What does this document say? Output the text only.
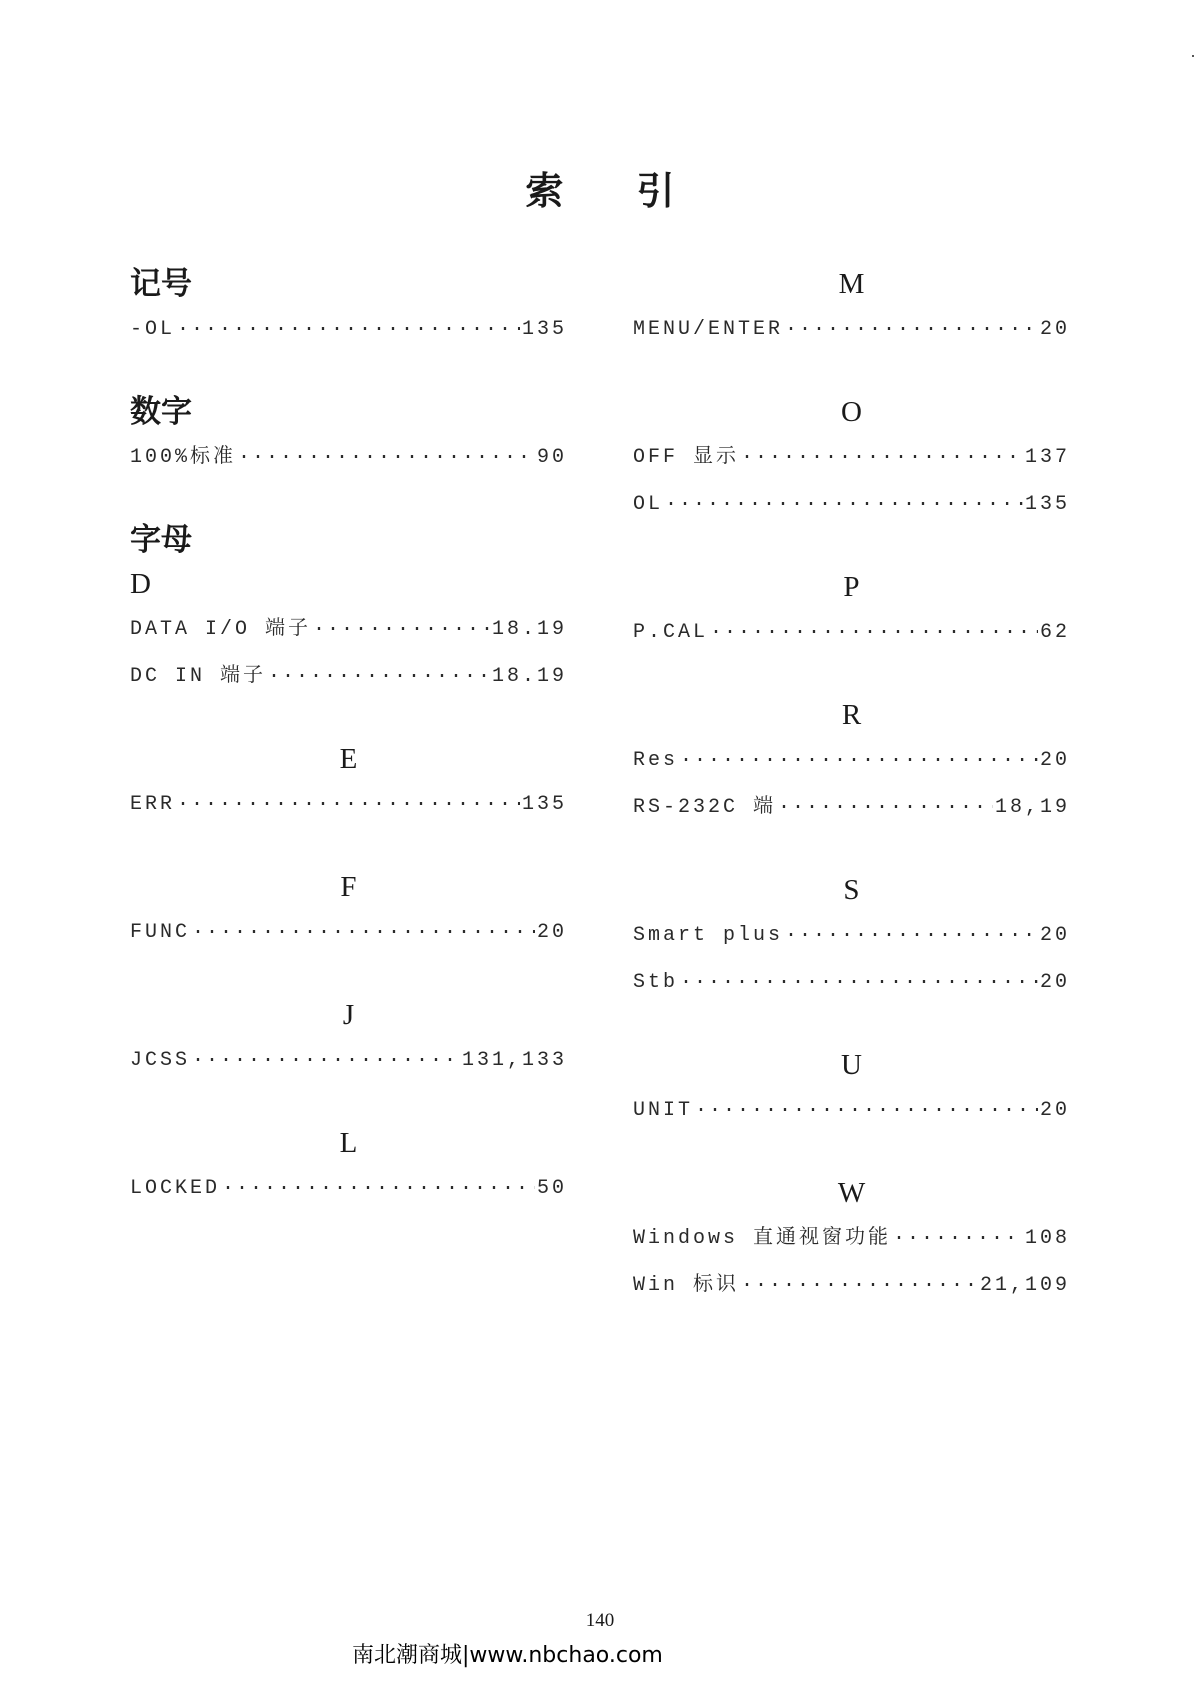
索 引
记号
-OL ·····	135
数字
100%标准 ·····	90
字母
D
DATA I/O 端子 ·····	18.19
DC IN 端子 ·····	18.19
E
ERR ·····	135
F
FUNC ·····	20
J
JCSS ·····	131,133
L
LOCKED ·····	50
M
MENU/ENTER ·····	20
O
OFF 显示 ·····	137
OL ·····	135
P
P.CAL ·····	62
R
Res ·····	20
RS-232C 端 ·····	18,19
S
Smart plus ·····	20
Stb ·····	20
U
UNIT ·····	20
W
Windows 直通视窗功能 ·····	108
Win 标识 ·····	21,109
140
南北潮商城|www.nbchao.com
